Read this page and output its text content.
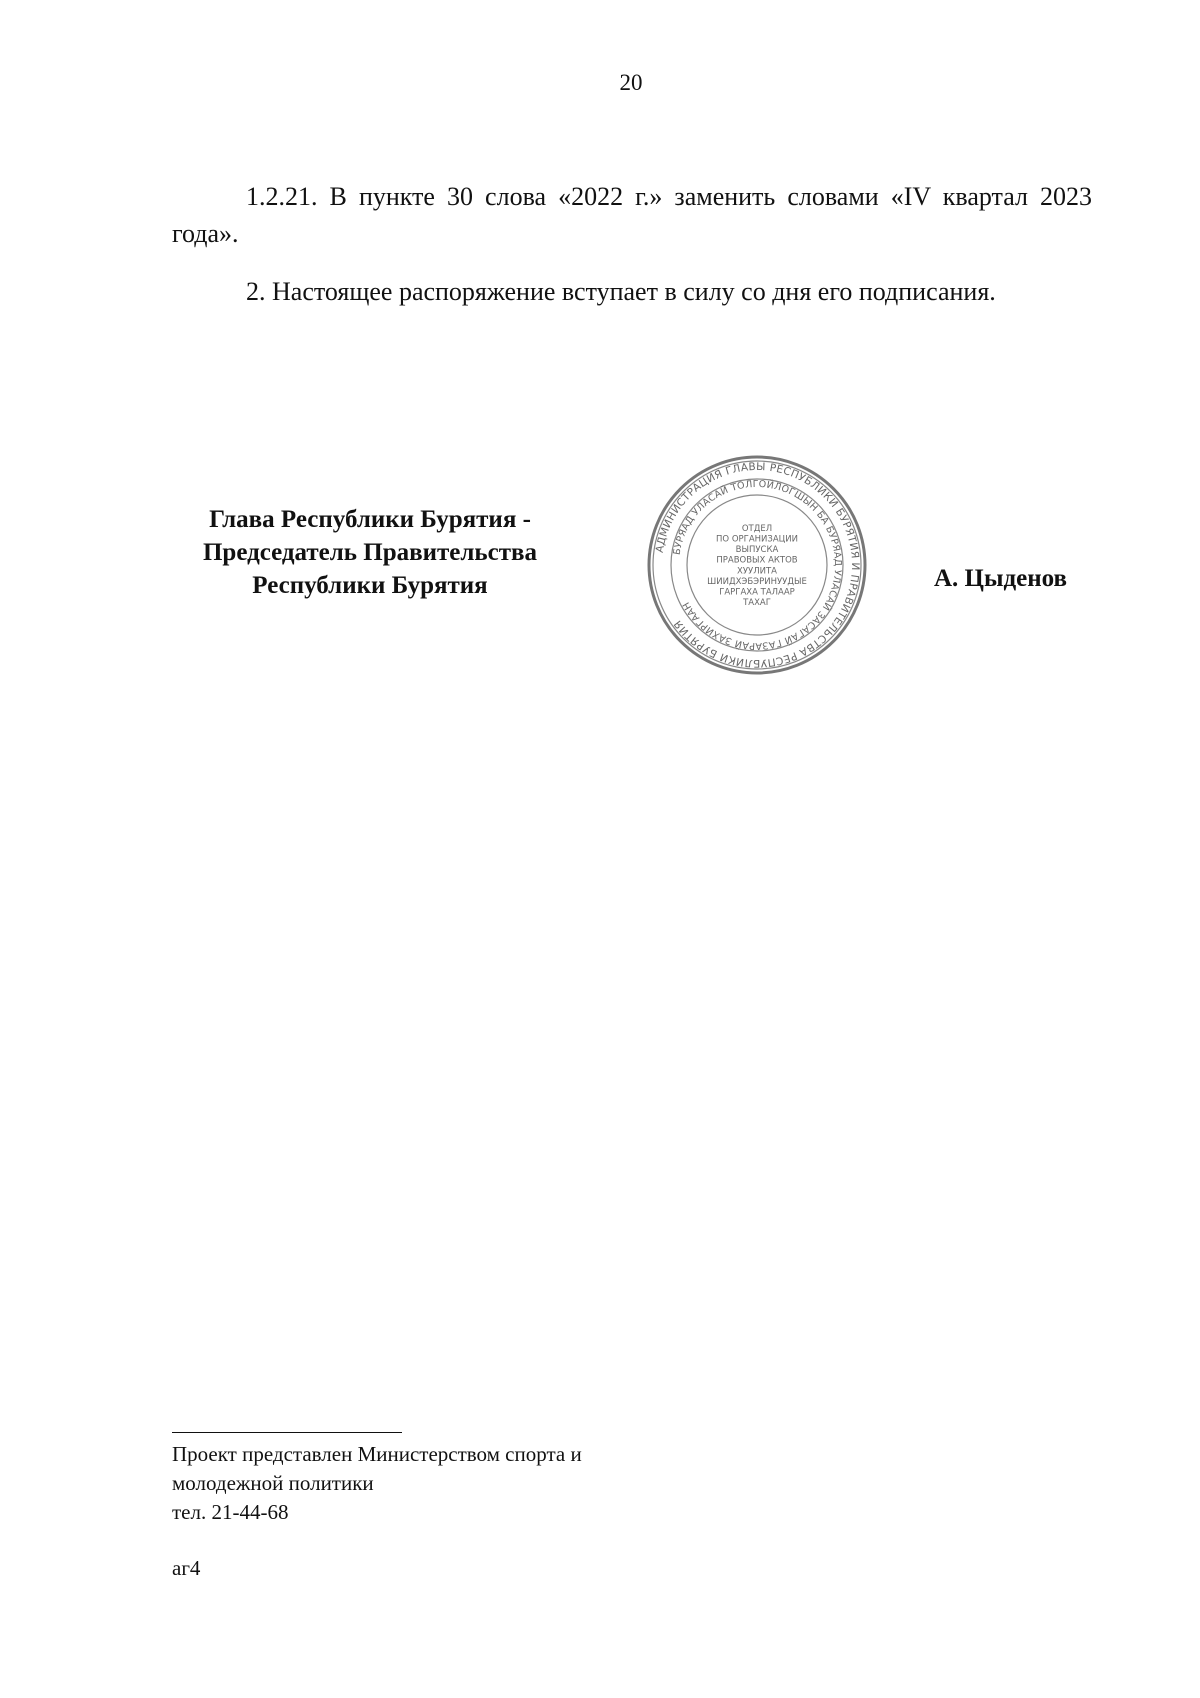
20
1.2.21. В пункте 30 слова «2022 г.» заменить словами «IV квартал 2023 года».
2. Настоящее распоряжение вступает в силу со дня его подписания.
Глава Республики Бурятия -
Председатель Правительства
Республики Бурятия
АДМИНИСТРАЦИЯ ГЛАВЫ РЕСПУБЛИКИ БУРЯТИЯ И ПРАВИТЕЛЬСТВА РЕСПУБЛИКИ БУРЯТИЯ
БУРЯАД УЛАСАЙ ТОЛГОЙЛОГШЫН БА БУРЯАД УЛАСАЙ ЗАСАГАЙ ГАЗАРАЙ ЗАХИРГААН
ОТДЕЛ
ПО ОРГАНИЗАЦИИ
ВЫПУСКА
ПРАВОВЫХ АКТОВ
ХУУЛИТА
ШИИДХЭБЭРИНУУДЫЕ
ГАРГАХА ТАЛААР
ТАХАГ
А. Цыденов
Проект представлен Министерством спорта и
молодежной политики
тел. 21-44-68
аг4
